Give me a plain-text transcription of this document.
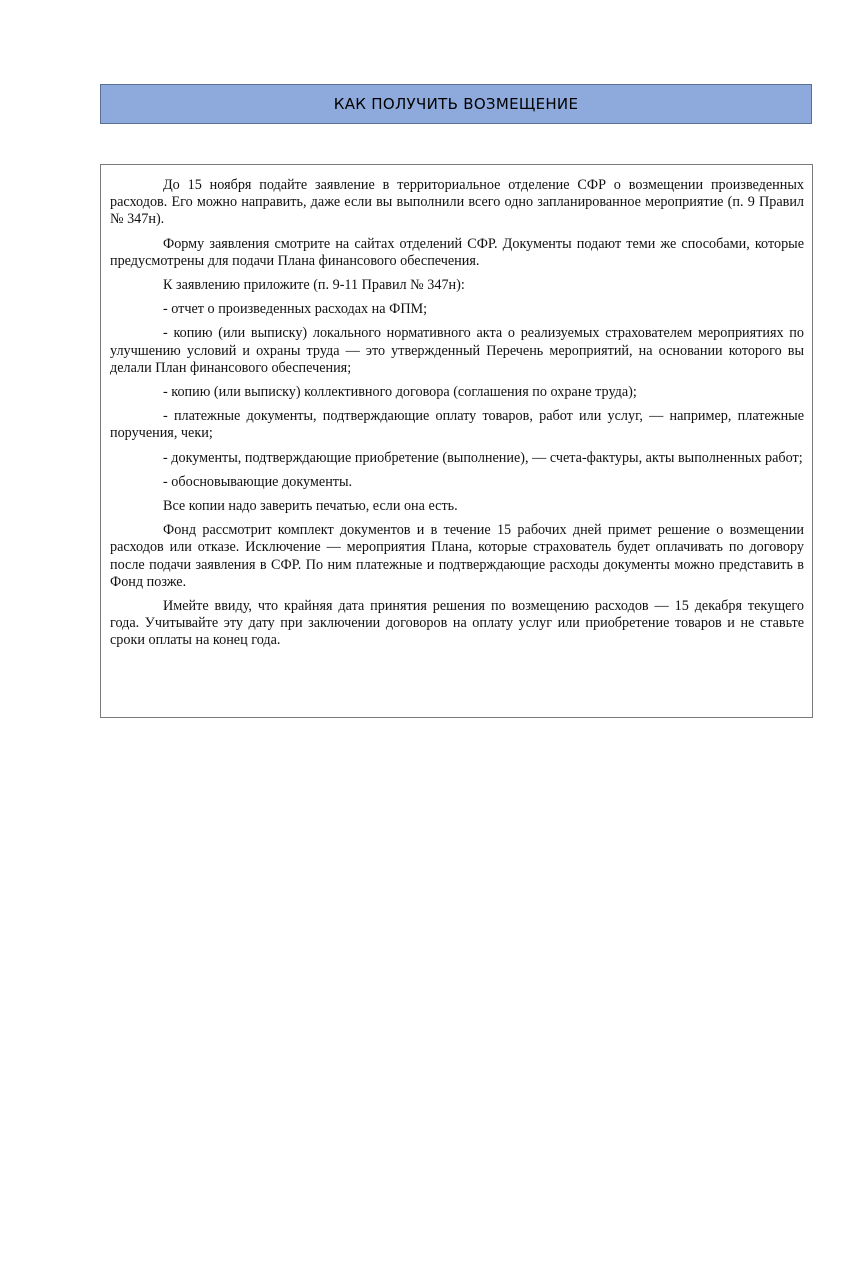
КАК ПОЛУЧИТЬ ВОЗМЕЩЕНИЕ

До 15 ноября подайте заявление в территориальное отделение СФР о возмещении произведенных расходов. Его можно направить, даже если вы выполнили всего одно запланированное мероприятие (п. 9 Правил № 347н).

Форму заявления смотрите на сайтах отделений СФР. Документы подают теми же способами, которые предусмотрены для подачи Плана финансового обеспечения.

К заявлению приложите (п. 9-11 Правил № 347н):

- отчет о произведенных расходах на ФПМ;

- копию (или выписку) локального нормативного акта о реализуемых страхователем мероприятиях по улучшению условий и охраны труда — это утвержденный Перечень мероприятий, на основании которого вы делали План финансового обеспечения;

- копию (или выписку) коллективного договора (соглашения по охране труда);

- платежные документы, подтверждающие оплату товаров, работ или услуг, — например, платежные поручения, чеки;

- документы, подтверждающие приобретение (выполнение), — счета-фактуры, акты выполненных работ;

- обосновывающие документы.

Все копии надо заверить печатью, если она есть.

Фонд рассмотрит комплект документов и в течение 15 рабочих дней примет решение о возмещении расходов или отказе. Исключение — мероприятия Плана, которые страхователь будет оплачивать по договору после подачи заявления в СФР. По ним платежные и подтверждающие расходы документы можно представить в Фонд позже.

Имейте ввиду, что крайняя дата принятия решения по возмещению расходов — 15 декабря текущего года. Учитывайте эту дату при заключении договоров на оплату услуг или приобретение товаров и не ставьте сроки оплаты на конец года.
